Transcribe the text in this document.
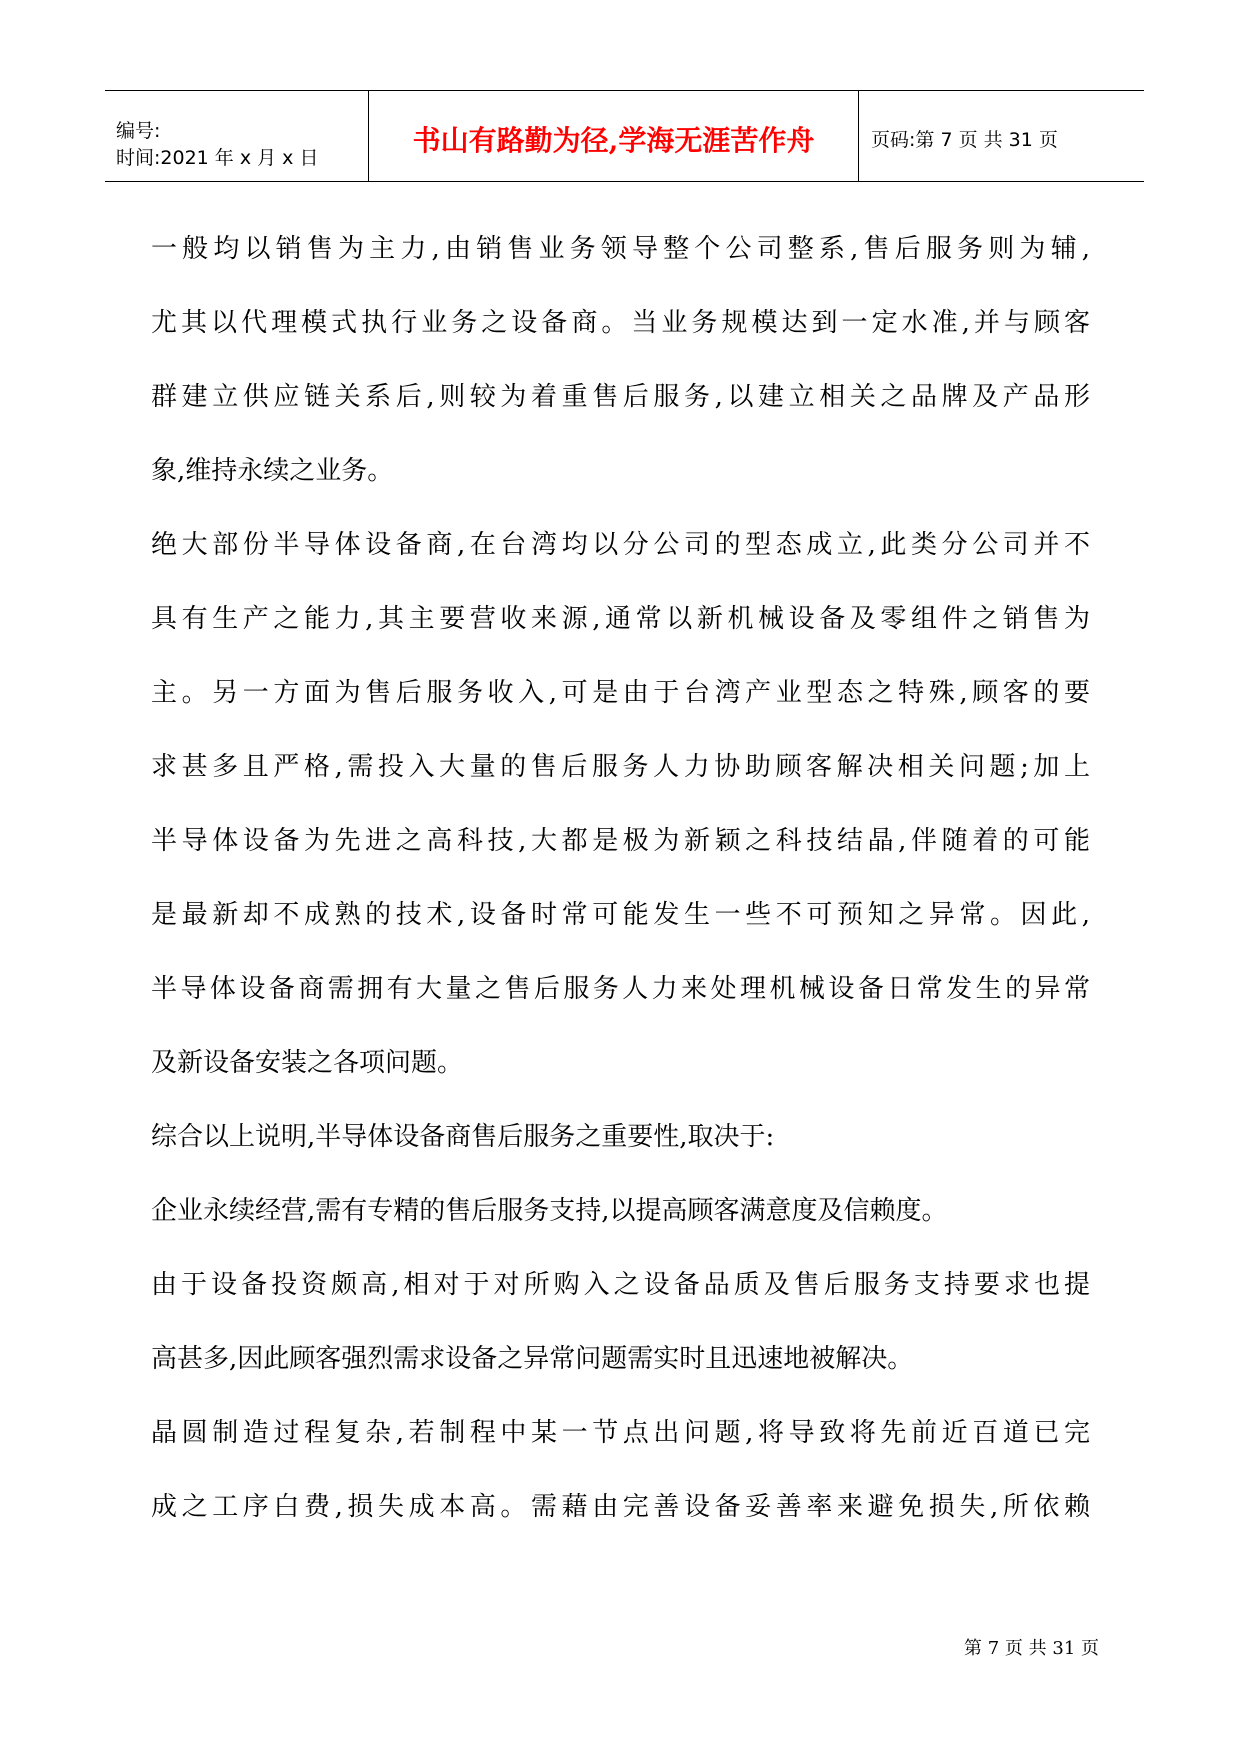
编号:
时间:2021 年 x 月 x 日
书山有路勤为径,学海无涯苦作舟	页码:第 7 页 共 31 页
一般均以销售为主力,由销售业务领导整个公司整系,售后服务则为辅,
尤其以代理模式执行业务之设备商。当业务规模达到一定水准,并与顾客
群建立供应链关系后,则较为着重售后服务,以建立相关之品牌及产品形
象,维持永续之业务。
绝大部份半导体设备商,在台湾均以分公司的型态成立,此类分公司并不
具有生产之能力,其主要营收来源,通常以新机械设备及零组件之销售为
主。另一方面为售后服务收入,可是由于台湾产业型态之特殊,顾客的要
求甚多且严格,需投入大量的售后服务人力协助顾客解决相关问题;加上
半导体设备为先进之高科技,大都是极为新颖之科技结晶,伴随着的可能
是最新却不成熟的技术,设备时常可能发生一些不可预知之异常。因此,
半导体设备商需拥有大量之售后服务人力来处理机械设备日常发生的异常
及新设备安装之各项问题。
综合以上说明,半导体设备商售后服务之重要性,取决于:
企业永续经营,需有专精的售后服务支持,以提高顾客满意度及信赖度。
由于设备投资颇高,相对于对所购入之设备品质及售后服务支持要求也提
高甚多,因此顾客强烈需求设备之异常问题需实时且迅速地被解决。
晶圆制造过程复杂,若制程中某一节点出问题,将导致将先前近百道已完
成之工序白费,损失成本高。需藉由完善设备妥善率来避免损失,所依赖
第 7 页 共 31 页
